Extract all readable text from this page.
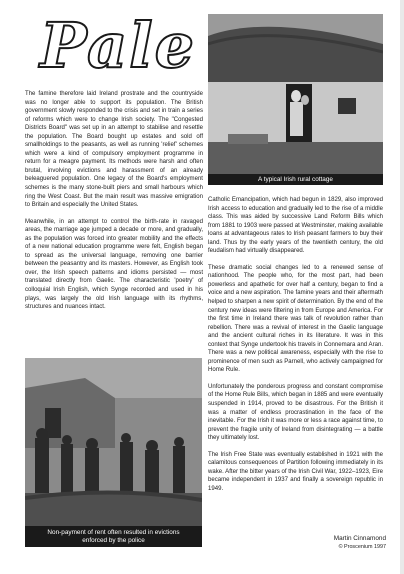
Pale
A typical Irish rural cottage
Non-payment of rent often resulted in evictions
enforced by the police

The famine therefore laid Ireland prostrate and the countryside was no longer able to support its population. The British government slowly responded to the crisis and set in train a series of reforms which were to change Irish society. The "Congested Districts Board" was set up in an attempt to stabilise and resettle the population. The Board bought up estates and sold off smallholdings to the peasants, as well as running 'relief' schemes which were a kind of compulsory employment programme in return for a meagre payment. Its methods were harsh and often brutal, involving evictions and harassment of an already beleaguered population. One legacy of the Board's employment schemes is the many stone-built piers and small harbours which ring the West Coast. But the main result was massive emigration to Britain and especially the United States.

Meanwhile, in an attempt to control the birth-rate in ravaged areas, the marriage age jumped a decade or more, and gradually, as the population was forced into greater mobility and the effects of a new national education programme were felt, English began to spread as the universal language, removing one barrier between the peasantry and its masters. However, as English took over, the Irish speech patterns and idioms persisted — most translated directly from Gaelic. The characteristic 'poetry' of colloquial Irish English, which Synge recorded and used in his plays, was largely the old Irish language with its rhythms, structures and nuances intact.

Catholic Emancipation, which had begun in 1829, also improved Irish access to education and gradually led to the rise of a middle class. This was aided by successive Land Reform Bills which from 1881 to 1903 were passed at Westminster, making available loans at advantageous rates to Irish peasant farmers to buy their land. Thus by the early years of the twentieth century, the old feudalism had virtually disappeared.

These dramatic social changes led to a renewed sense of nationhood. The people who, for the most part, had been powerless and apathetic for over half a century, began to find a voice and a new aspiration. The famine years and their aftermath helped to sharpen a new spirit of determination. By the end of the century new ideas were filtering in from Europe and America. For the first time in Ireland there was talk of revolution rather than rebellion. There was a revival of interest in the Gaelic language and the ancient cultural riches in its literature. It was in this context that Synge undertook his travels in Connemara and Aran. There was a new political awareness, especially with the rise to prominence of men such as Parnell, who actively campaigned for Home Rule.

Unfortunately the ponderous progress and constant compromise of the Home Rule Bills, which began in 1885 and were eventually suspended in 1914, proved to be disastrous. For the British it was a matter of endless procrastination in the face of the inevitable. For the Irish it was more or less a race against time, to prevent the fragile unity of Ireland from disintegrating — a battle they ultimately lost.

The Irish Free State was eventually established in 1921 with the calamitous consequences of Partition following immediately in its wake. After the bitter years of the Irish Civil War, 1922–1923, Eire became independent in 1937 and finally a sovereign republic in 1949.

Martin Cinnamond
© Proscenium 1997
